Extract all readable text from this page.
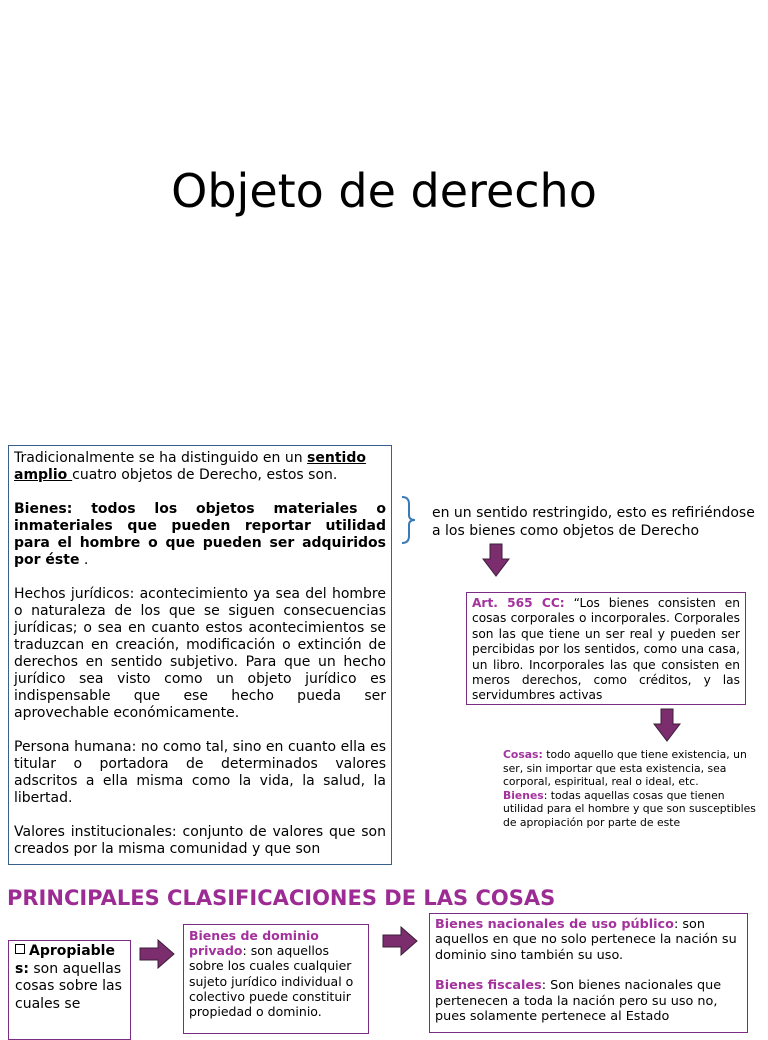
Objeto de derecho

Tradicionalmente se ha distinguido en un sentido amplio cuatro objetos de Derecho, estos son.

Bienes: todos los objetos materiales o inmateriales que pueden reportar utilidad para el hombre o que pueden ser adquiridos por éste .

Hechos jurídicos: acontecimiento ya sea del hombre o naturaleza de los que se siguen consecuencias jurídicas; o sea en cuanto estos acontecimientos se traduzcan en creación, modificación o extinción de derechos en sentido subjetivo. Para que un hecho jurídico sea visto como un objeto jurídico es indispensable que ese hecho pueda ser aprovechable económicamente.

Persona humana: no como tal, sino en cuanto ella es titular o portadora de determinados valores adscritos a ella misma como la vida, la salud, la libertad.

Valores institucionales: conjunto de valores que son creados por la misma comunidad y que son

en un sentido restringido, esto es refiriéndose a los bienes como objetos de Derecho
Art. 565 CC: “Los bienes consisten en cosas corporales o incorporales. Corporales son las que tiene un ser real y pueden ser percibidas por los sentidos, como una casa, un libro. Incorporales las que consisten en meros derechos, como créditos, y las servidumbres activas
Cosas: todo aquello que tiene existencia, un ser, sin importar que esta existencia, sea corporal, espiritual, real o ideal, etc.
Bienes: todas aquellas cosas que tienen utilidad para el hombre y que son susceptibles de apropiación por parte de este
PRINCIPALES CLASIFICACIONES DE LAS COSAS
Apropiable s: son aquellas cosas sobre las cuales se
Bienes de dominio privado: son aquellos sobre los cuales cualquier sujeto jurídico individual o colectivo puede constituir propiedad o dominio.

Bienes nacionales de uso público: son aquellos en que no solo pertenece la nación su dominio sino también su uso.

Bienes fiscales: Son bienes nacionales que pertenecen a toda la nación pero su uso no, pues solamente pertenece al Estado
